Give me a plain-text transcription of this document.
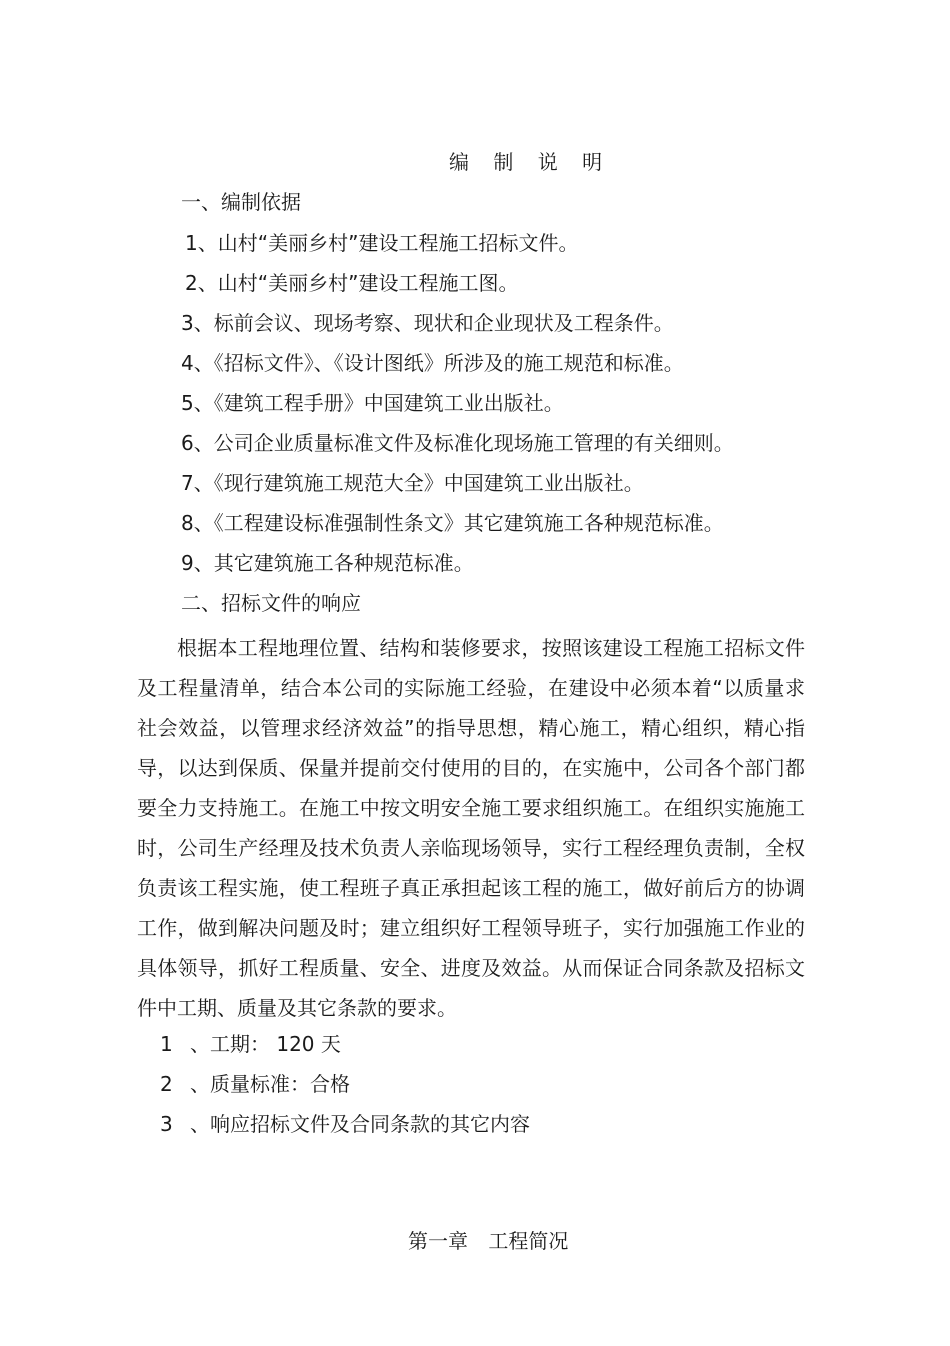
编 制 说 明
一、编制依据
1、山村“美丽乡村”建设工程施工招标文件。
2、山村“美丽乡村”建设工程施工图。
3、标前会议、现场考察、现状和企业现状及工程条件。
4、《招标文件》、《设计图纸》所涉及的施工规范和标准。
5、《建筑工程手册》中国建筑工业出版社。
6、公司企业质量标准文件及标准化现场施工管理的有关细则。
7、《现行建筑施工规范大全》中国建筑工业出版社。
8、《工程建设标准强制性条文》其它建筑施工各种规范标准。
9、其它建筑施工各种规范标准。
二、招标文件的响应
根据本工程地理位置、结构和装修要求，按照该建设工程施工招标文件及工程量清单，结合本公司的实际施工经验，在建设中必须本着“以质量求社会效益，以管理求经济效益”的指导思想，精心施工，精心组织，精心指导，以达到保质、保量并提前交付使用的目的，在实施中，公司各个部门都要全力支持施工。在施工中按文明安全施工要求组织施工。在组织实施施工时，公司生产经理及技术负责人亲临现场领导，实行工程经理负责制，全权负责该工程实施，使工程班子真正承担起该工程的施工，做好前后方的协调工作，做到解决问题及时；建立组织好工程领导班子，实行加强施工作业的具体领导，抓好工程质量、安全、进度及效益。从而保证合同条款及招标文件中工期、质量及其它条款的要求。
1 、工期： 120 天
2 、质量标准：合格
3 、响应招标文件及合同条款的其它内容
第一章 工程简况
